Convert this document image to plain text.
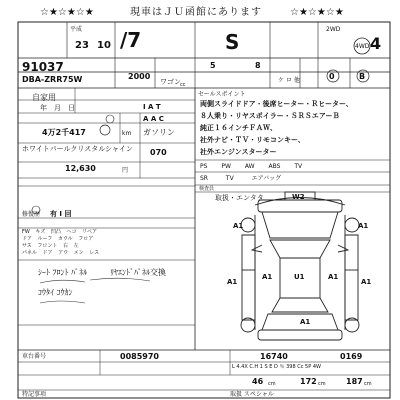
☆★☆★☆★	現車はＪＵ函館にあります	☆★☆★☆★
平成
23 10 /7	S
2WD
4WD 4
91037
DBA-ZRR75W	2000
cc
ワゴン
5	8
ケ ロ 他	0	B
自家用
年　月　日	I A T
A A C
4万2千417	km ガソリン
070
ホワイトパールクリスタルシャイン
12,630	円
修復歴 有 I 回
FW キズ 凹凸 ヘコ リペア
ドア ルーフ カウル フロア
サス フロント 右 左
パネル ドア アウ メン レス
ｼｰﾄ ﾌﾛﾝﾄ ﾊﾟﾈﾙ	ﾘﾔｴﾝﾄﾞﾊﾟﾈﾙ交換
ｺｳﾀｲ ｺｳｶﾝ
セールスポイント
両側スライドドア・後席ヒーター・Ｒヒーター、
８人乗り・リヤスポイラー・ＳＲＳエアーＢ
純正１６インチＦＡＷ、
社外ナビ・ＴＶ・リモコンキー、
社外エンジンスターター
PS PW AW ABS TV
SR	TV	エアバッグ
検査員
取扱・エンタタ	W2
A1	A1
A1
A1	U1	A1
A1
A1
車台番号	0085970	16740	0169
L 4.4X C.H 1 S E D ％ 398 Cc 5P 4W
46 cm	172 cm	187 cm
特記事項	取扱 スペシャル
